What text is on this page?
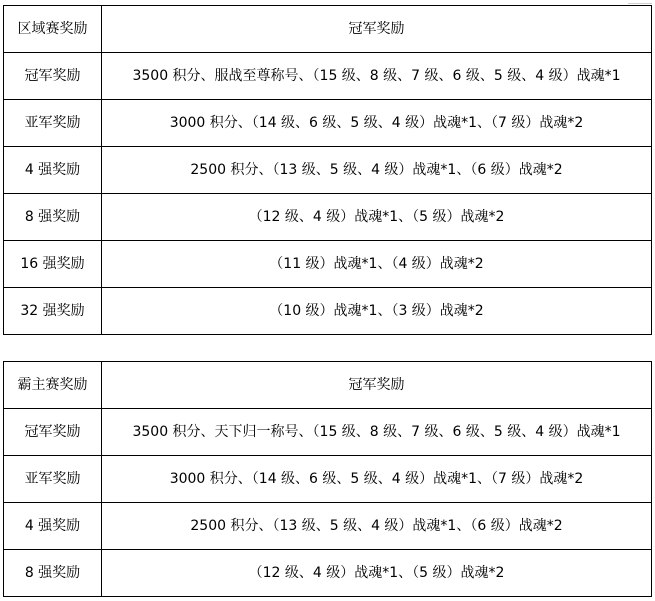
区域赛奖励	冠军奖励
冠军奖励	3500 积分、服战至尊称号、（15 级、8 级、7 级、6 级、5 级、4 级）战魂*1
亚军奖励	3000 积分、（14 级、6 级、5 级、4 级）战魂*1、（7 级）战魂*2
4 强奖励	2500 积分、（13 级、5 级、4 级）战魂*1、（6 级）战魂*2
8 强奖励	（12 级、4 级）战魂*1、（5 级）战魂*2
16 强奖励	（11 级）战魂*1、（4 级）战魂*2
32 强奖励	（10 级）战魂*1、（3 级）战魂*2
霸主赛奖励	冠军奖励
冠军奖励	3500 积分、天下归一称号、（15 级、8 级、7 级、6 级、5 级、4 级）战魂*1
亚军奖励	3000 积分、（14 级、6 级、5 级、4 级）战魂*1、（7 级）战魂*2
4 强奖励	2500 积分、（13 级、5 级、4 级）战魂*1、（6 级）战魂*2
8 强奖励	（12 级、4 级）战魂*1、（5 级）战魂*2
